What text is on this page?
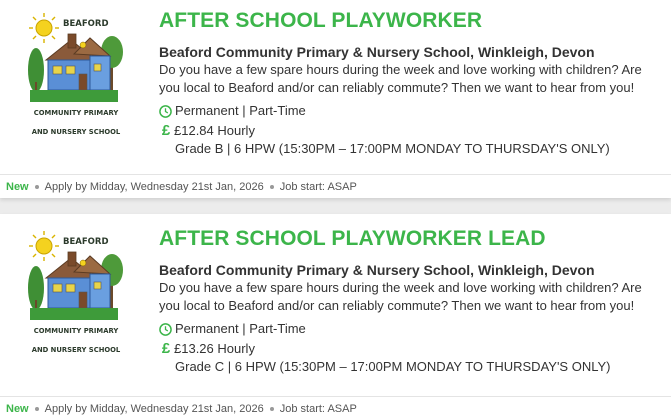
BEAFORD
COMMUNITY PRIMARY
AND NURSERY SCHOOL
AFTER SCHOOL PLAYWORKER
Beaford Community Primary & Nursery School, Winkleigh, Devon
Do you have a few spare hours during the week and love working with children? Are you local to Beaford and/or can reliably commute? Then we want to hear from you!
Permanent | Part-Time
£ £12.84 Hourly
Grade B | 6 HPW (15:30PM – 17:00PM MONDAY TO THURSDAY'S ONLY)
New Apply by Midday, Wednesday 21st Jan, 2026 Job start: ASAP
BEAFORD
COMMUNITY PRIMARY
AND NURSERY SCHOOL
AFTER SCHOOL PLAYWORKER LEAD
Beaford Community Primary & Nursery School, Winkleigh, Devon
Do you have a few spare hours during the week and love working with children? Are you local to Beaford and/or can reliably commute? Then we want to hear from you!
Permanent | Part-Time
£ £13.26 Hourly
Grade C | 6 HPW (15:30PM – 17:00PM MONDAY TO THURSDAY'S ONLY)
New Apply by Midday, Wednesday 21st Jan, 2026 Job start: ASAP
